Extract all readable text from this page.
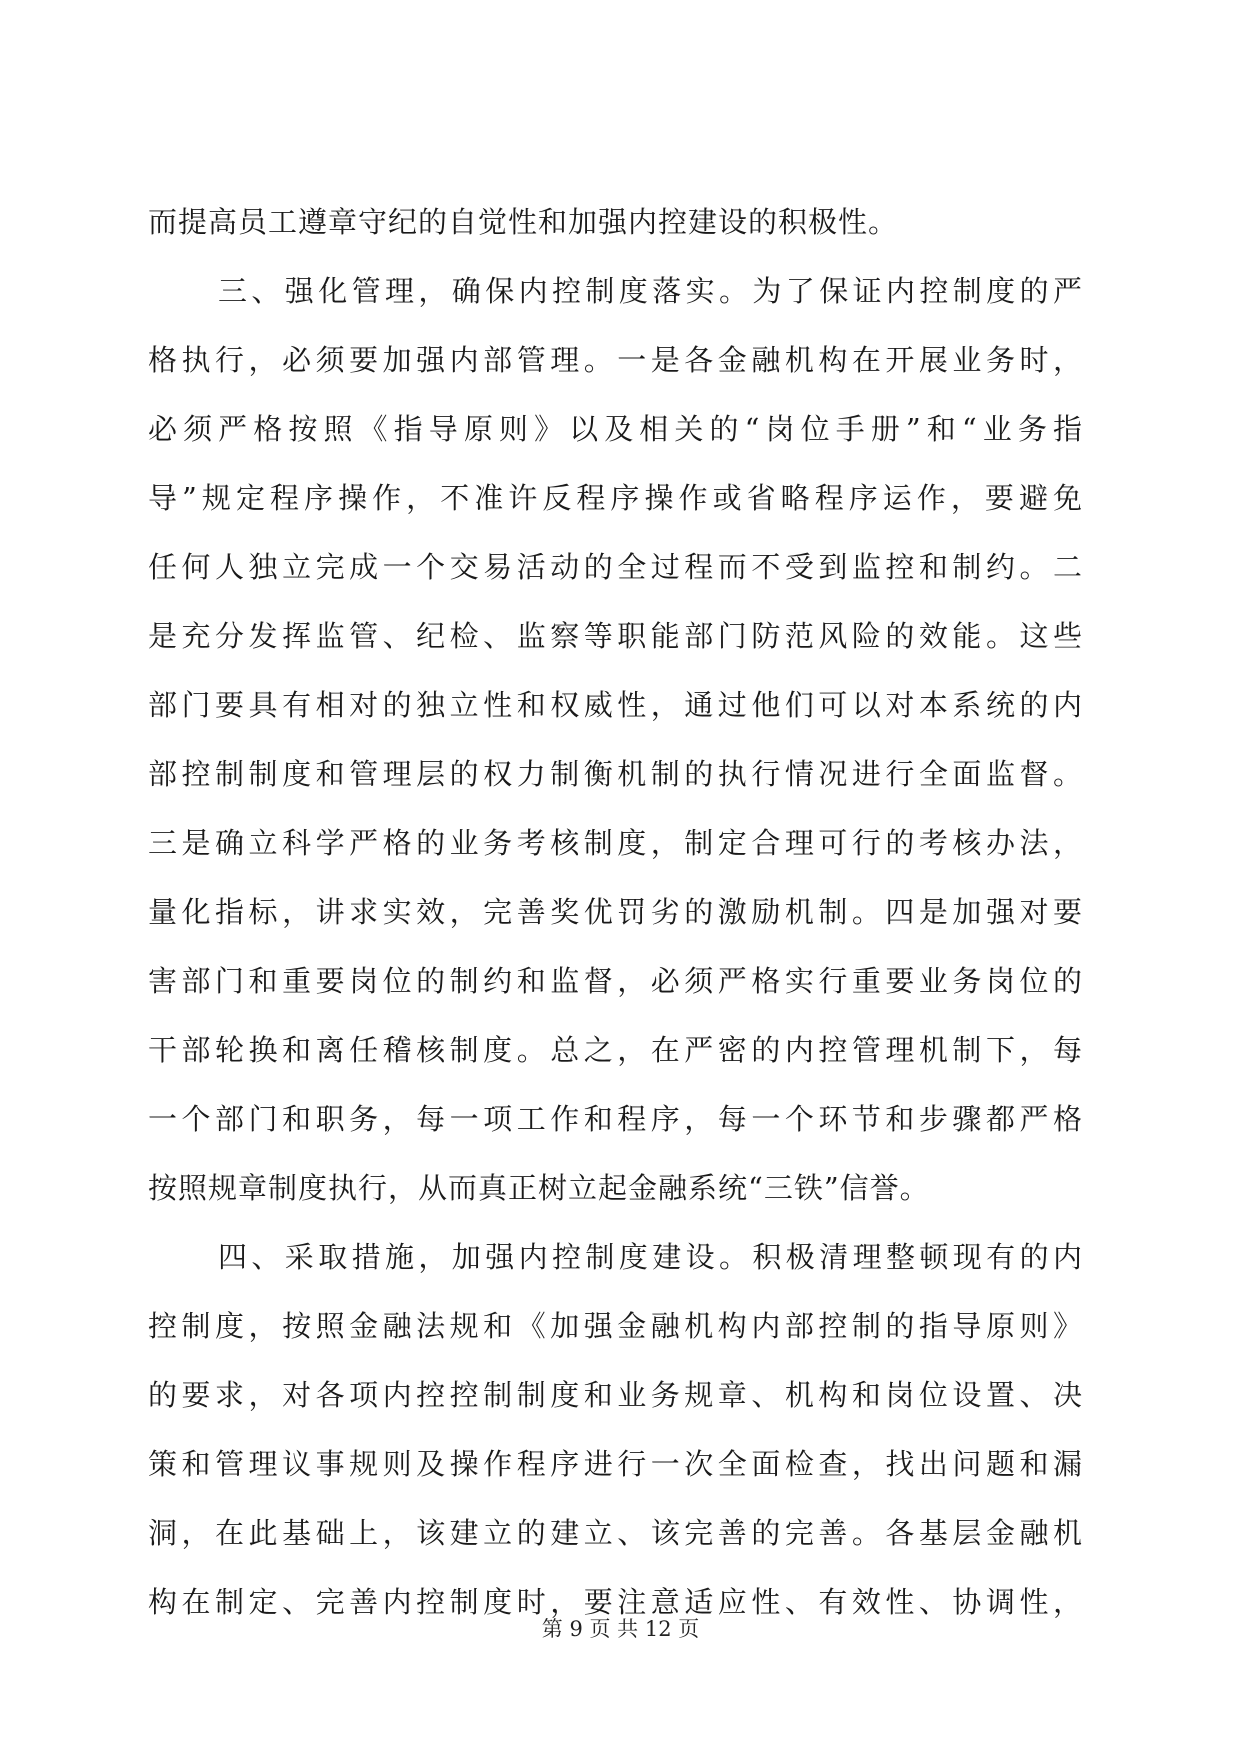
而提高员工遵章守纪的自觉性和加强内控建设的积极性。
三、强化管理，确保内控制度落实。为了保证内控制度的严
格执行，必须要加强内部管理。一是各金融机构在开展业务时，
必须严格按照《指导原则》以及相关的“岗位手册”和“业务指
导”规定程序操作，不准许反程序操作或省略程序运作，要避免
任何人独立完成一个交易活动的全过程而不受到监控和制约。二
是充分发挥监管、纪检、监察等职能部门防范风险的效能。这些
部门要具有相对的独立性和权威性，通过他们可以对本系统的内
部控制制度和管理层的权力制衡机制的执行情况进行全面监督。
三是确立科学严格的业务考核制度，制定合理可行的考核办法，
量化指标，讲求实效，完善奖优罚劣的激励机制。四是加强对要
害部门和重要岗位的制约和监督，必须严格实行重要业务岗位的
干部轮换和离任稽核制度。总之，在严密的内控管理机制下，每
一个部门和职务，每一项工作和程序，每一个环节和步骤都严格
按照规章制度执行，从而真正树立起金融系统“三铁”信誉。
四、采取措施，加强内控制度建设。积极清理整顿现有的内
控制度，按照金融法规和《加强金融机构内部控制的指导原则》
的要求，对各项内控控制制度和业务规章、机构和岗位设置、决
策和管理议事规则及操作程序进行一次全面检查，找出问题和漏
洞，在此基础上，该建立的建立、该完善的完善。各基层金融机
构在制定、完善内控制度时，要注意适应性、有效性、协调性，
第 9 页 共 12 页
